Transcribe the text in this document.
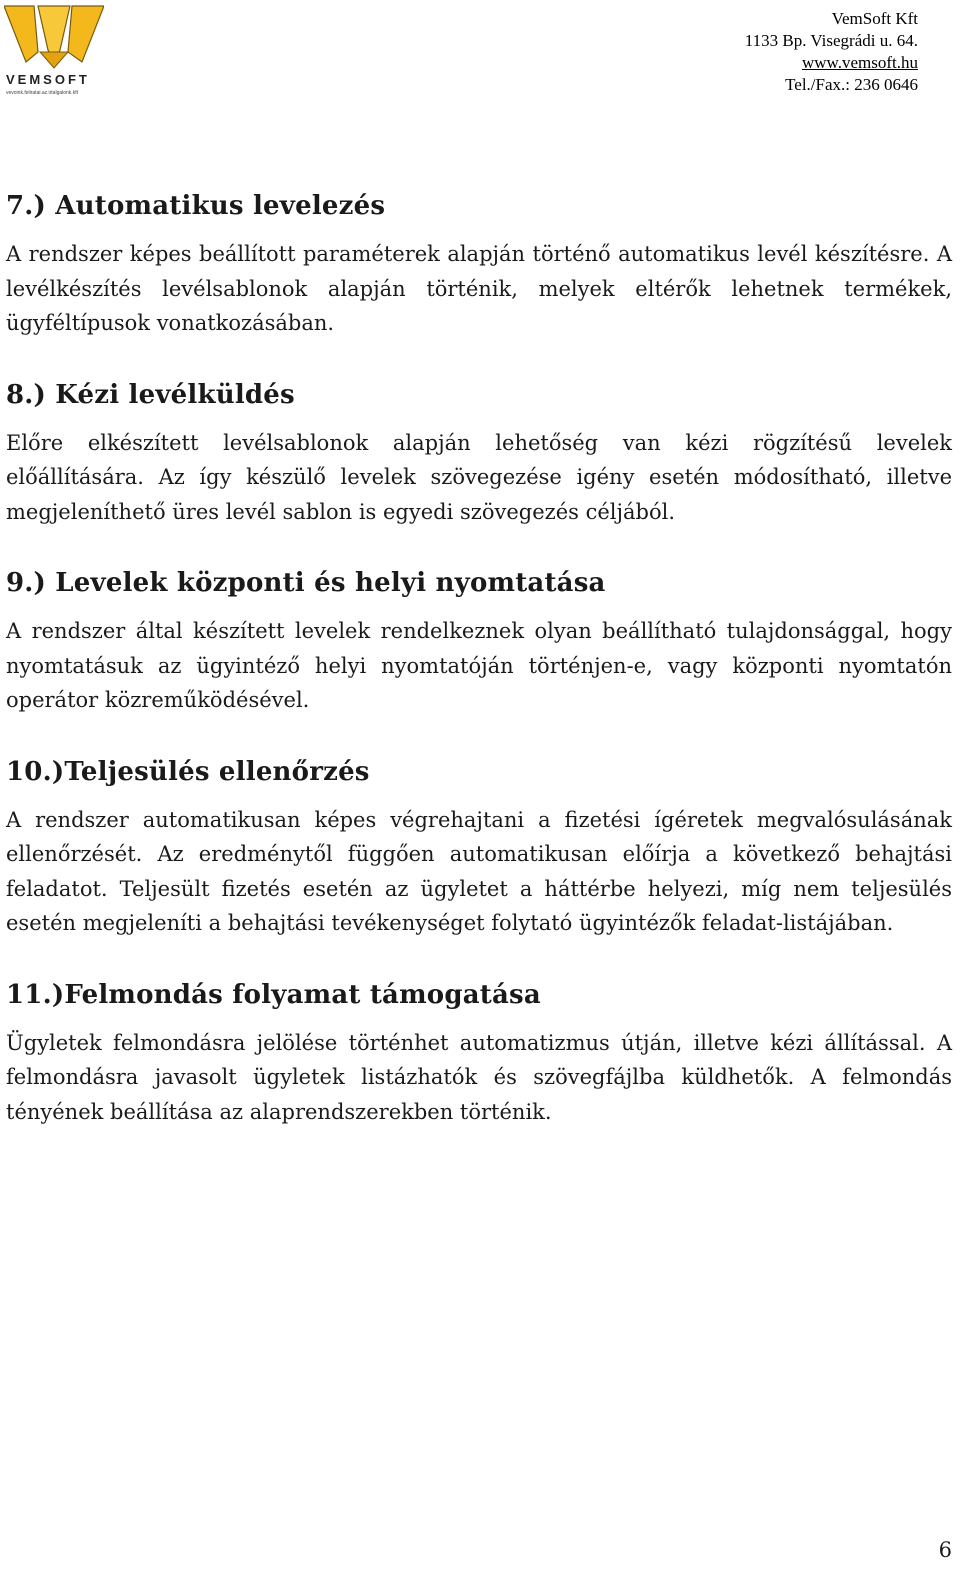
VEMSOFT
vevoink.feliratai.az.irtalgalonk.kft
VemSoft Kft
1133 Bp. Visegrádi u. 64.
www.vemsoft.hu
Tel./Fax.: 236 0646
7.) Automatikus levelezés

A rendszer képes beállított paraméterek alapján történő automatikus levél készítésre. A levélkészítés levélsablonok alapján történik, melyek eltérők lehetnek termékek, ügyféltípusok vonatkozásában.

8.) Kézi levélküldés

Előre elkészített levélsablonok alapján lehetőség van kézi rögzítésű levelek előállítására. Az így készülő levelek szövegezése igény esetén módosítható, illetve megjeleníthető üres levél sablon is egyedi szövegezés céljából.

9.) Levelek központi és helyi nyomtatása

A rendszer által készített levelek rendelkeznek olyan beállítható tulajdonsággal, hogy nyomtatásuk az ügyintéző helyi nyomtatóján történjen-e, vagy központi nyomtatón operátor közreműködésével.

10.)Teljesülés ellenőrzés

A rendszer automatikusan képes végrehajtani a fizetési ígéretek megvalósulásának ellenőrzését. Az eredménytől függően automatikusan előírja a következő behajtási feladatot. Teljesült fizetés esetén az ügyletet a háttérbe helyezi, míg nem teljesülés esetén megjeleníti a behajtási tevékenységet folytató ügyintézők feladat-listájában.

11.)Felmondás folyamat támogatása

Ügyletek felmondásra jelölése történhet automatizmus útján, illetve kézi állítással. A felmondásra javasolt ügyletek listázhatók és szövegfájlba küldhetők. A felmondás tényének beállítása az alaprendszerekben történik.

6
